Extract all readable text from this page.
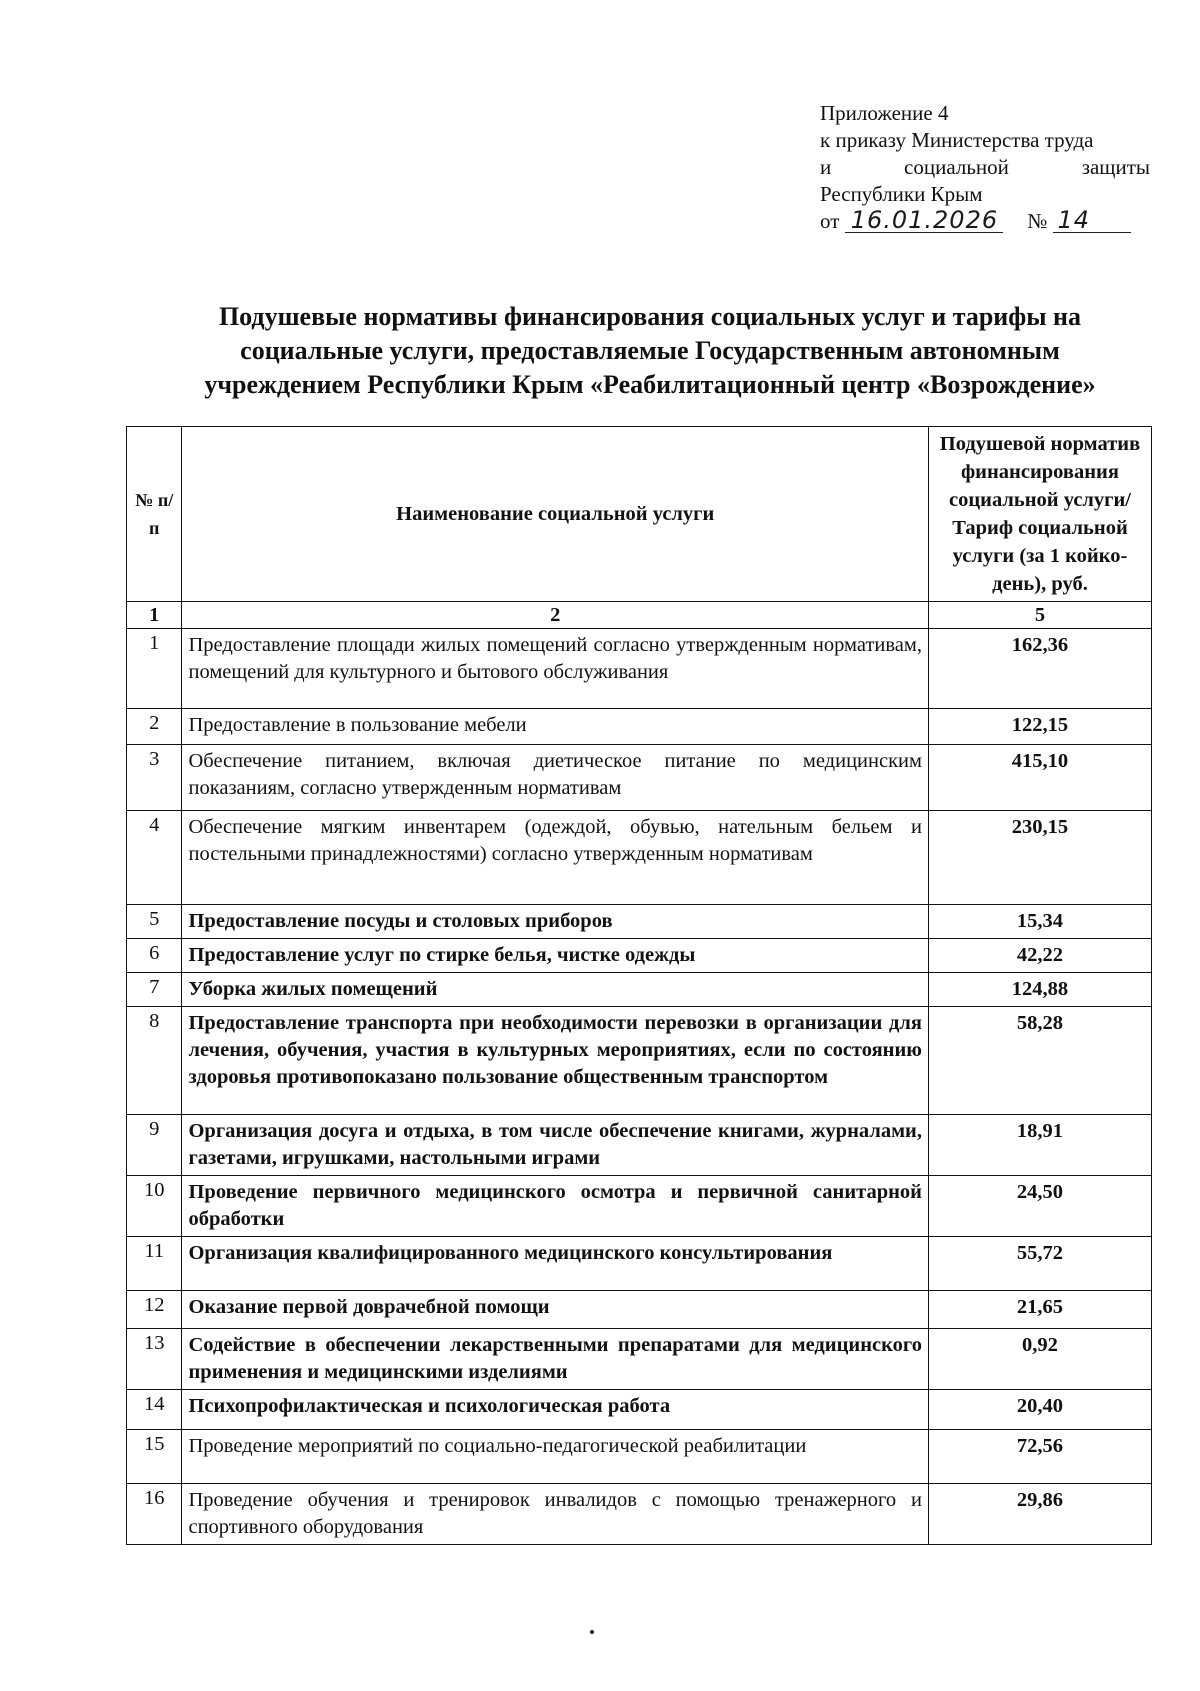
Приложение 4
к приказу Министерства труда
и	социальной	защиты
Республики Крым
от 16.01.2026 № 14
Подушевые нормативы финансирования социальных услуг и тарифы на
социальные услуги, предоставляемые Государственным автономным
учреждением Республики Крым «Реабилитационный центр «Возрождение»
№ п/п	Наименование социальной услуги	Подушевой норматив финансирования социальной услуги/Тариф социальной услуги (за 1 койко-день), руб.
1	2	5
1	Предоставление площади жилых помещений согласно утвержденным нормативам, помещений для культурного и бытового обслуживания	162,36
2	Предоставление в пользование мебели	122,15
3	Обеспечение питанием, включая диетическое питание по медицинским показаниям, согласно утвержденным нормативам	415,10
4	Обеспечение мягким инвентарем (одеждой, обувью, нательным бельем и постельными принадлежностями) согласно утвержденным нормативам	230,15
5	Предоставление посуды и столовых приборов	15,34
6	Предоставление услуг по стирке белья, чистке одежды	42,22
7	Уборка жилых помещений	124,88
8	Предоставление транспорта при необходимости перевозки в организации для лечения, обучения, участия в культурных мероприятиях, если по состоянию здоровья противопоказано пользование общественным транспортом	58,28
9	Организация досуга и отдыха, в том числе обеспечение книгами, журналами, газетами, игрушками, настольными играми	18,91
10	Проведение первичного медицинского осмотра и первичной санитарной обработки	24,50
11	Организация квалифицированного медицинского консультирования	55,72
12	Оказание первой доврачебной помощи	21,65
13	Содействие в обеспечении лекарственными препаратами для медицинского применения и медицинскими изделиями	0,92
14	Психопрофилактическая и психологическая работа	20,40
15	Проведение мероприятий по социально-педагогической реабилитации	72,56
16	Проведение обучения и тренировок инвалидов с помощью тренажерного и спортивного оборудования	29,86
